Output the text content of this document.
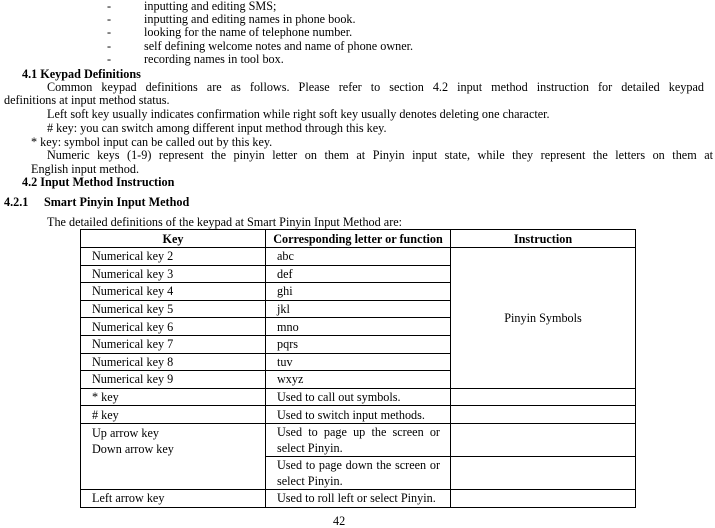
-	inputting and editing SMS;
-	inputting and editing names in phone book.
-	looking for the name of telephone number.
-	self defining welcome notes and name of phone owner.
-	recording names in tool box.
4.1 Keypad Definitions
Common keypad definitions are as follows. Please refer to section 4.2 input method instruction for detailed keypad
definitions at input method status.
Left soft key usually indicates confirmation while right soft key usually denotes deleting one character.
# key: you can switch among different input method through this key.
* key: symbol input can be called out by this key.
Numeric keys (1-9) represent the pinyin letter on them at Pinyin input state, while they represent the letters on them at
English input method.
4.2 Input Method Instruction
4.2.1 Smart Pinyin Input Method
The detailed definitions of the keypad at Smart Pinyin Input Method are:
Key	Corresponding letter or function	Instruction
Numerical key 2	abc	Pinyin Symbols
Numerical key 3	def	
Numerical key 4	ghi	
Numerical key 5	jkl	
Numerical key 6	mno	
Numerical key 7	pqrs	
Numerical key 8	tuv	
Numerical key 9	wxyz	
* key	Used to call out symbols.	
# key	Used to switch input methods.	

Up arrow key
Down arrow key	Used to page up the screen or select Pinyin.	
	Used to page down the screen or select Pinyin.	
Left arrow key	Used to roll left or select Pinyin.	
42
